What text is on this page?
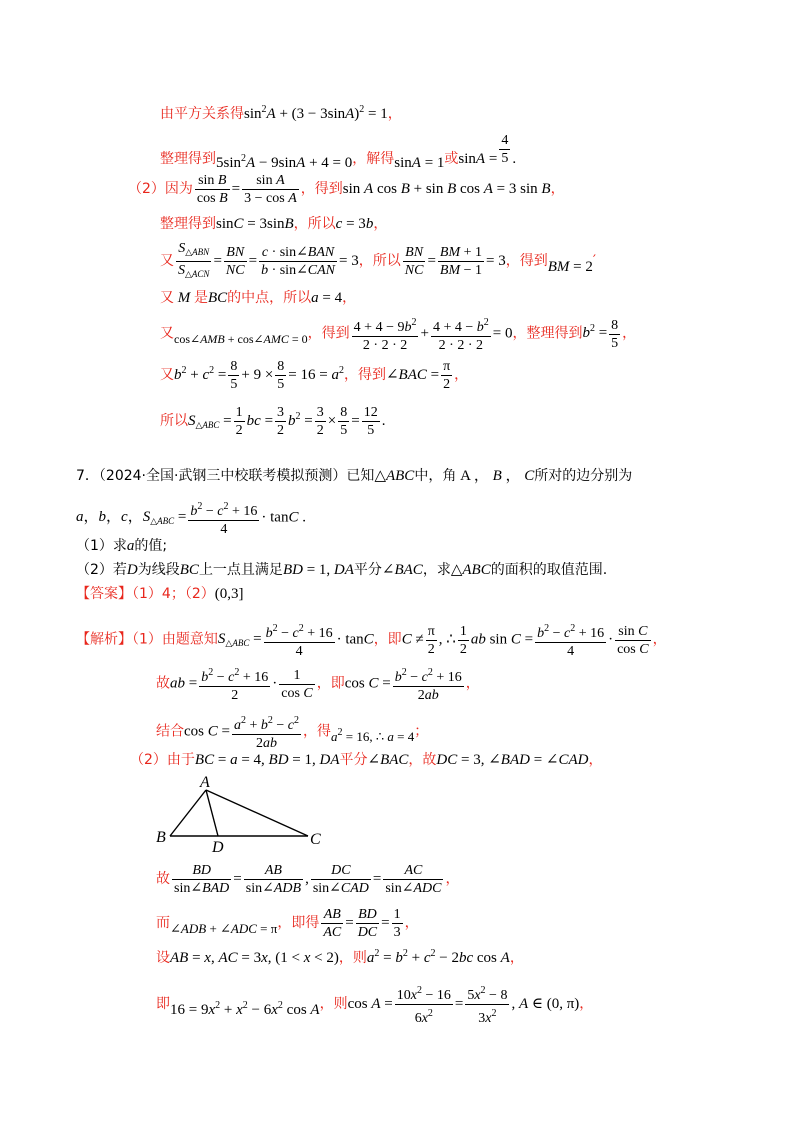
由平方关系得$\sin^2A + (3 - 3\sin A)^2 = 1$，
整理得到$5\sin^2A - 9\sin A + 4 = 0$，解得sinA = 1或$\sin A = \frac{4}{5}$ .
（2）因为 $\frac{\text{sin B}}{\text{cos B}} = \frac{\text{sin A}}{\text{3 − cos A}}$ ，得到sin A cos B + sin B cos A = 3 sin B，
整理得到sinC = 3sinB，所以c = 3b，
又 $\frac{S_{\triangle ABN}}{S_{\triangle ACN}} = \frac{BN}{NC} = \frac{\text{c · sin∠BAN}}{\text{b · sin∠CAN}} = 3$，所以 $\frac{BN}{NC} = \frac{BM + 1}{BM - 1} = 3$，得到BM = 2′
又 M 是BC的中点，所以a = 4，
又$_{cos\angle AMB + cos\angle AMC = 0}$，得到 $\frac{4 + 4 - 9b^2}{2 \cdot 2 \cdot 2} + \frac{4 + 4 - b^2}{2 \cdot 2 \cdot 2} = 0$，整理得到$b^2 = \frac{8}{5}$ ，
又$b^2 + c^2 = \frac{8}{5} + 9 \times \frac{8}{5} = 16 = a^2$，得到∠BAC = $\frac{\pi}{2}$ ，
所以$S_{\triangle ABC} = \frac{1}{2}$ bc = $\frac{3}{2} b^2 = \frac{3}{2} \times \frac{8}{5} = \frac{12}{5}$ .
7．（2024·全国·武钢三中校联考模拟预测）已知△ABC中，角 A ， B ， C所对的边分别为
a，b，c，$S_{\triangle ABC} = \frac{b^2 - c^2 + 16}{4} \cdot \tan C$ .
（1）求a的值;
（2）若D为线段BC上一点且满足BD = 1, DA平分∠BAC，求△ABC的面积的取值范围.
【答案】（1）4；（2）(0,3]
【解析】（1）由题意知$S_{\triangle ABC} = \frac{b^2 - c^2 + 16}{4} \cdot \tan C$，即$C \ne \frac{\pi}{2}$ , ∴ $\frac{1}{2}$ ab $\sin C = \frac{b^2 - c^2 + 16}{4} \cdot \frac{\text{sin C}}{\text{cos C}}$ ，
故ab = $\frac{b^2 - c^2 + 16}{2} \cdot \frac{1}{\text{cos C}}$ ，即$\cos C = \frac{b^2 - c^2 + 16}{2ab}$ ，
结合$\cos C = \frac{a^2 + b^2 - c^2}{2ab}$ ，得$a^2 = 16$, ∴ a = 4；
（2）由于BC = a = 4, BD = 1, DA平分∠BAC，故DC = 3, ∠BAD = ∠CAD，
A
B	C
D
故 $\frac{BD}{\text{sin∠BAD}} = \frac{AB}{\text{sin∠ADB}}$ , $\frac{DC}{\text{sin∠CAD}} = \frac{AC}{\text{sin∠ADC}}$ ，
而∠ADB + ∠ADC = π，即得 $\frac{AB}{AC} = \frac{BD}{DC} = \frac{1}{3}$ ，
设AB = x, AC = 3x, (1 < x < 2)，则$a^2 = b^2 + c^2 - 2bc$ cos A，
即$16 = 9x^2 + x^2 - 6x^2$ cos A，则$\cos A = \frac{10x^2 - 16}{6x^2} = \frac{5x^2 - 8}{3x^2}$ , A ∈ (0, π)，
